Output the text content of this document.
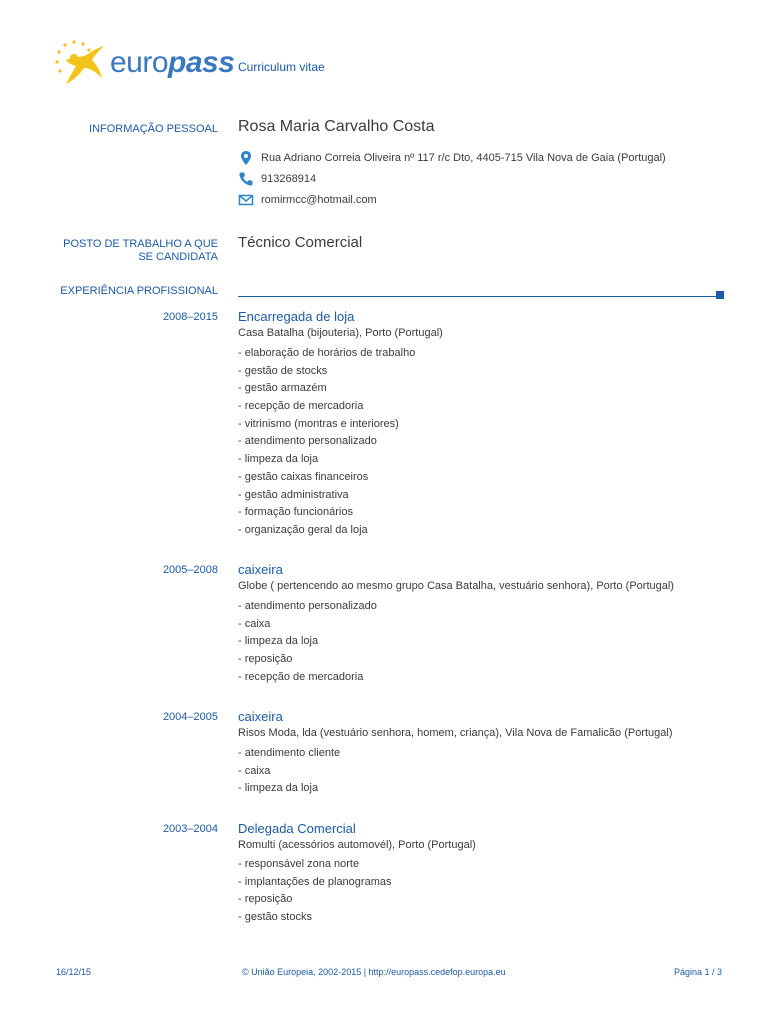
europass Curriculum vitae
INFORMAÇÃO PESSOAL Rosa Maria Carvalho Costa
Rua Adriano Correia Oliveira nº 117 r/c Dto, 4405-715 Vila Nova de Gaia (Portugal)
913268914
romirmcc@hotmail.com
POSTO DE TRABALHO A QUE
SE CANDIDATA
Técnico Comercial
EXPERIÊNCIA PROFISSIONAL
2008–2015 Encarregada de loja
Casa Batalha (bijouteria), Porto (Portugal)
- elaboração de horários de trabalho
- gestão de stocks
- gestão armazém
- recepção de mercadoria
- vitrinismo (montras e interiores)
- atendimento personalizado
- limpeza da loja
- gestão caixas financeiros
- gestão administrativa
- formação funcionários
- organização geral da loja
2005–2008 caixeira
Globe ( pertencendo ao mesmo grupo Casa Batalha, vestuário senhora), Porto (Portugal)
- atendimento personalizado
- caixa
- limpeza da loja
- reposição
- recepção de mercadoria
2004–2005 caixeira
Risos Moda, lda (vestuário senhora, homem, criança), Vila Nova de Famalicão (Portugal)
- atendimento cliente
- caixa
- limpeza da loja
2003–2004 Delegada Comercial
Romulti (acessórios automovél), Porto (Portugal)
- responsável zona norte
- implantações de planogramas
- reposição
- gestão stocks
16/12/15	© União Europeia, 2002-2015 | http://europass.cedefop.europa.eu	Página 1 / 3
